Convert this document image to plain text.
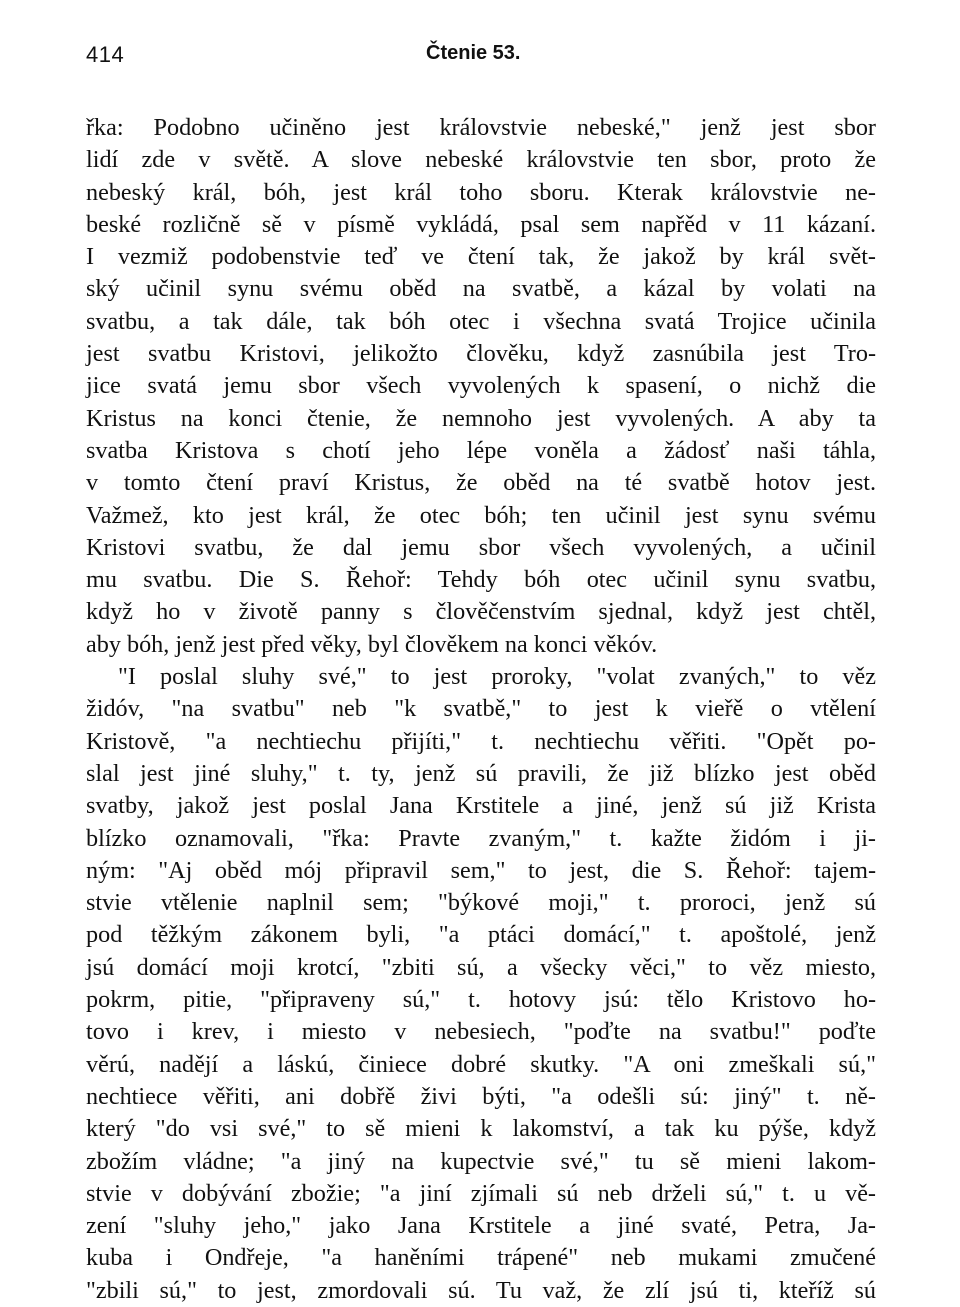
414	Čtenie 53.
řka: Podobno učiněno jest královstvie nebeské," jenž jest sbor
lidí zde v světě. A slove nebeské královstvie ten sbor, proto že
nebeský král, bóh, jest král toho sboru. Kterak královstvie ne-
beské rozličně sě v písmě vykládá, psal sem napřěd v 11 kázaní.
I vezmiž podobenstvie teď ve čtení tak, že jakož by král svět-
ský učinil synu svému oběd na svatbě, a kázal by volati na
svatbu, a tak dále, tak bóh otec i všechna svatá Trojice učinila
jest svatbu Kristovi, jelikožto člověku, když zasnúbila jest Tro-
jice svatá jemu sbor všech vyvolených k spasení, o nichž die
Kristus na konci čtenie, že nemnoho jest vyvolených. A aby ta
svatba Kristova s chotí jeho lépe voněla a žádosť naši táhla,
v tomto čtení praví Kristus, že oběd na té svatbě hotov jest.
Važmež, kto jest král, že otec bóh; ten učinil jest synu svému
Kristovi svatbu, že dal jemu sbor všech vyvolených, a učinil
mu svatbu. Die S. Řehoř: Tehdy bóh otec učinil synu svatbu,
když ho v životě panny s člověčenstvím sjednal, když jest chtěl,
aby bóh, jenž jest před věky, byl člověkem na konci věkóv.
"I poslal sluhy své," to jest proroky, "volat zvaných," to věz
židóv, "na svatbu" neb "k svatbě," to jest k vieřě o vtělení
Kristově, "a nechtiechu přijíti," t. nechtiechu věřiti. "Opět po-
slal jest jiné sluhy," t. ty, jenž sú pravili, že již blízko jest oběd
svatby, jakož jest poslal Jana Krstitele a jiné, jenž sú již Krista
blízko oznamovali, "řka: Pravte zvaným," t. kažte židóm i ji-
ným: "Aj oběd mój připravil sem," to jest, die S. Řehoř: tajem-
stvie vtělenie naplnil sem; "býkové moji," t. proroci, jenž sú
pod těžkým zákonem byli, "a ptáci domácí," t. apoštolé, jenž
jsú domácí moji krotcí, "zbiti sú, a všecky věci," to věz miesto,
pokrm, pitie, "připraveny sú," t. hotovy jsú: tělo Kristovo ho-
tovo i krev, i miesto v nebesiech, "poďte na svatbu!" poďte
věrú, nadějí a láskú, činiece dobré skutky. "A oni zmeškali sú,"
nechtiece věřiti, ani dobřě živi býti, "a odešli sú: jiný" t. ně-
který "do vsi své," to sě mieni k lakomství, a tak ku pýše, když
zbožím vládne; "a jiný na kupectvie své," tu sě mieni lakom-
stvie v dobývání zbožie; "a jiní zjímali sú neb drželi sú," t. u vě-
zení "sluhy jeho," jako Jana Krstitele a jiné svaté, Petra, Ja-
kuba i Ondřeje, "a haněními trápené" neb mukami zmučené
"zbili sú," to jest, zmordovali sú. Tu važ, že zlí jsú ti, kteříž sú
